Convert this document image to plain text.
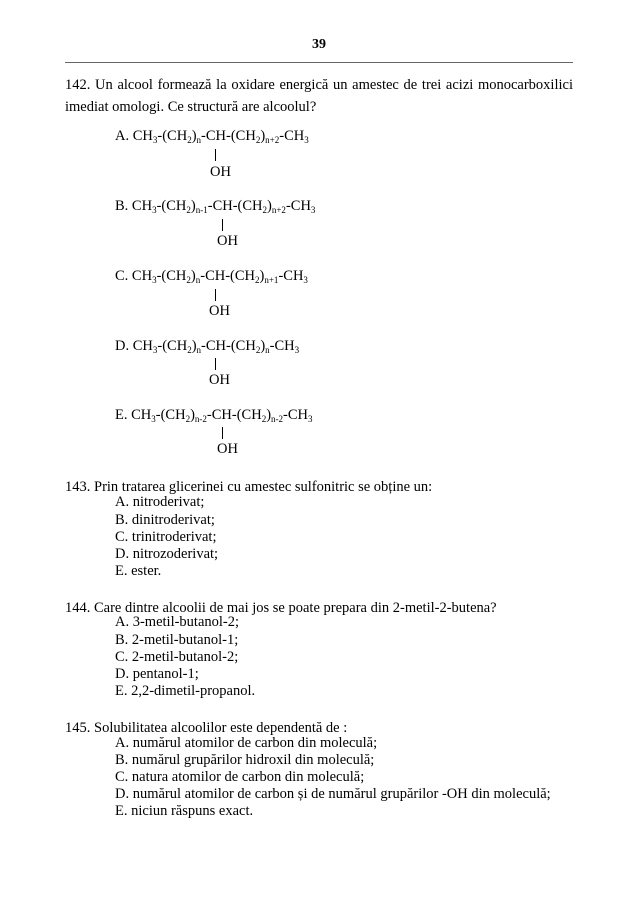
39
142. Un alcool formează la oxidare energică un amestec de trei acizi monocarboxilici imediat omologi. Ce structură are alcoolul?
A. $CH_3-(CH_2)_n-CH-(CH_2)_{n+2}-CH_3$
OH
B. $CH_3-(CH_2)_{n-1}-CH-(CH_2)_{n+2}-CH_3$
OH
C. $CH_3-(CH_2)_n-CH-(CH_2)_{n+1}-CH_3$
OH
D. $CH_3-(CH_2)_n-CH-(CH_2)_n-CH_3$
OH
E. $CH_3-(CH_2)_{n-2}-CH-(CH_2)_{n-2}-CH_3$
OH
143. Prin tratarea glicerinei cu amestec sulfonitric se obține un:
A. nitroderivat;
B. dinitroderivat;
C. trinitroderivat;
D. nitrozoderivat;
E. ester.
144. Care dintre alcoolii de mai jos se poate prepara din 2-metil-2-butena?
A. 3-metil-butanol-2;
B. 2-metil-butanol-1;
C. 2-metil-butanol-2;
D. pentanol-1;
E. 2,2-dimetil-propanol.
145. Solubilitatea alcoolilor este dependentă de :
A. numărul atomilor de carbon din moleculă;
B. numărul grupărilor hidroxil din moleculă;
C. natura atomilor de carbon din moleculă;
D. numărul atomilor de carbon și de numărul grupărilor -OH din moleculă;
E. niciun răspuns exact.
